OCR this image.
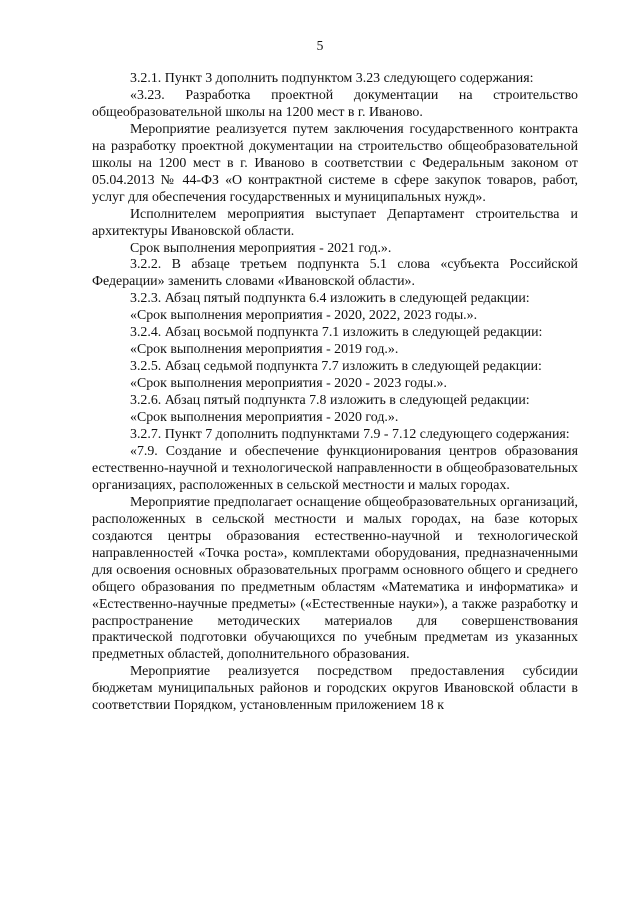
5

3.2.1. Пункт 3 дополнить подпунктом 3.23 следующего содержания:

«3.23. Разработка проектной документации на строительство общеобразовательной школы на 1200 мест в г. Иваново.

Мероприятие реализуется путем заключения государственного контракта на разработку проектной документации на строительство общеобразовательной школы на 1200 мест в г. Иваново в соответствии с Федеральным законом от 05.04.2013 № 44-ФЗ «О контрактной системе в сфере закупок товаров, работ, услуг для обеспечения государственных и муниципальных нужд».

Исполнителем мероприятия выступает Департамент строительства и архитектуры Ивановской области.

Срок выполнения мероприятия - 2021 год.».

3.2.2. В абзаце третьем подпункта 5.1 слова «субъекта Российской Федерации» заменить словами «Ивановской области».

3.2.3. Абзац пятый подпункта 6.4 изложить в следующей редакции:

«Срок выполнения мероприятия - 2020, 2022, 2023 годы.».

3.2.4. Абзац восьмой подпункта 7.1 изложить в следующей редакции:

«Срок выполнения мероприятия - 2019 год.».

3.2.5. Абзац седьмой подпункта 7.7 изложить в следующей редакции:

«Срок выполнения мероприятия - 2020 - 2023 годы.».

3.2.6. Абзац пятый подпункта 7.8 изложить в следующей редакции:

«Срок выполнения мероприятия - 2020 год.».

3.2.7. Пункт 7 дополнить подпунктами 7.9 - 7.12 следующего содержания:

«7.9. Создание и обеспечение функционирования центров образования естественно-научной и технологической направленности в общеобразовательных организациях, расположенных в сельской местности и малых городах.

Мероприятие предполагает оснащение общеобразовательных организаций, расположенных в сельской местности и малых городах, на базе которых создаются центры образования естественно-научной и технологической направленностей «Точка роста», комплектами оборудования, предназначенными для освоения основных образовательных программ основного общего и среднего общего образования по предметным областям «Математика и информатика» и «Естественно-научные предметы» («Естественные науки»), а также разработку и распространение методических материалов для совершенствования практической подготовки обучающихся по учебным предметам из указанных предметных областей, дополнительного образования.

Мероприятие реализуется посредством предоставления субсидии бюджетам муниципальных районов и городских округов Ивановской области в соответствии Порядком, установленным приложением 18 к
